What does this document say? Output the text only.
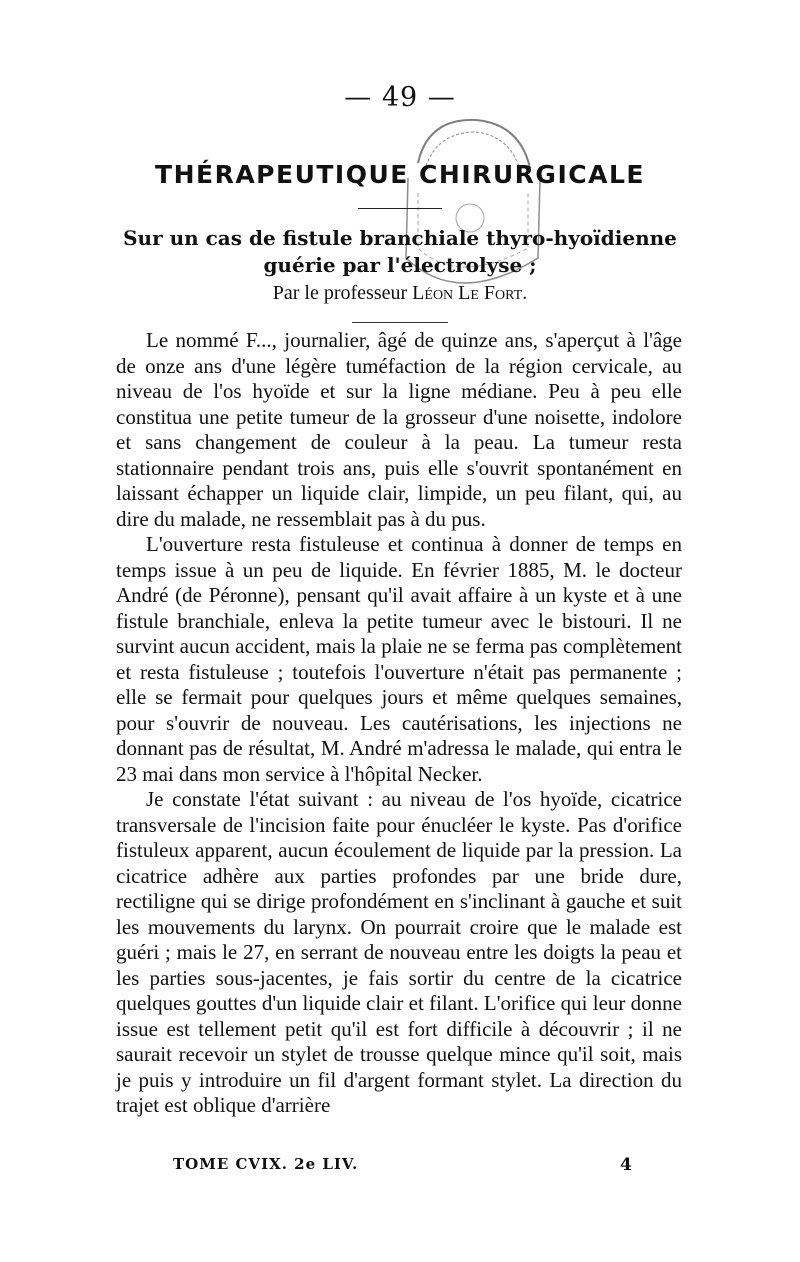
— 49 —
THÉRAPEUTIQUE CHIRURGICALE
Sur un cas de fistule branchiale thyro-hyoïdienne
guérie par l'électrolyse ;
Par le professeur Léon Le Fort.

Le nommé F..., journalier, âgé de quinze ans, s'aperçut à l'âge de onze ans d'une légère tuméfaction de la région cervicale, au niveau de l'os hyoïde et sur la ligne médiane. Peu à peu elle constitua une petite tumeur de la grosseur d'une noisette, indolore et sans changement de couleur à la peau. La tumeur resta stationnaire pendant trois ans, puis elle s'ouvrit spontanément en laissant échapper un liquide clair, limpide, un peu filant, qui, au dire du malade, ne ressemblait pas à du pus.

L'ouverture resta fistuleuse et continua à donner de temps en temps issue à un peu de liquide. En février 1885, M. le docteur André (de Péronne), pensant qu'il avait affaire à un kyste et à une fistule branchiale, enleva la petite tumeur avec le bistouri. Il ne survint aucun accident, mais la plaie ne se ferma pas complètement et resta fistuleuse ; toutefois l'ouverture n'était pas permanente ; elle se fermait pour quelques jours et même quelques semaines, pour s'ouvrir de nouveau. Les cautérisations, les injections ne donnant pas de résultat, M. André m'adressa le malade, qui entra le 23 mai dans mon service à l'hôpital Necker.

Je constate l'état suivant : au niveau de l'os hyoïde, cicatrice transversale de l'incision faite pour énucléer le kyste. Pas d'orifice fistuleux apparent, aucun écoulement de liquide par la pression. La cicatrice adhère aux parties profondes par une bride dure, rectiligne qui se dirige profondément en s'inclinant à gauche et suit les mouvements du larynx. On pourrait croire que le malade est guéri ; mais le 27, en serrant de nouveau entre les doigts la peau et les parties sous-jacentes, je fais sortir du centre de la cicatrice quelques gouttes d'un liquide clair et filant. L'orifice qui leur donne issue est tellement petit qu'il est fort difficile à découvrir ; il ne saurait recevoir un stylet de trousse quelque mince qu'il soit, mais je puis y introduire un fil d'argent formant stylet. La direction du trajet est oblique d'arrière

TOME CVIX. 2e LIV.	4
